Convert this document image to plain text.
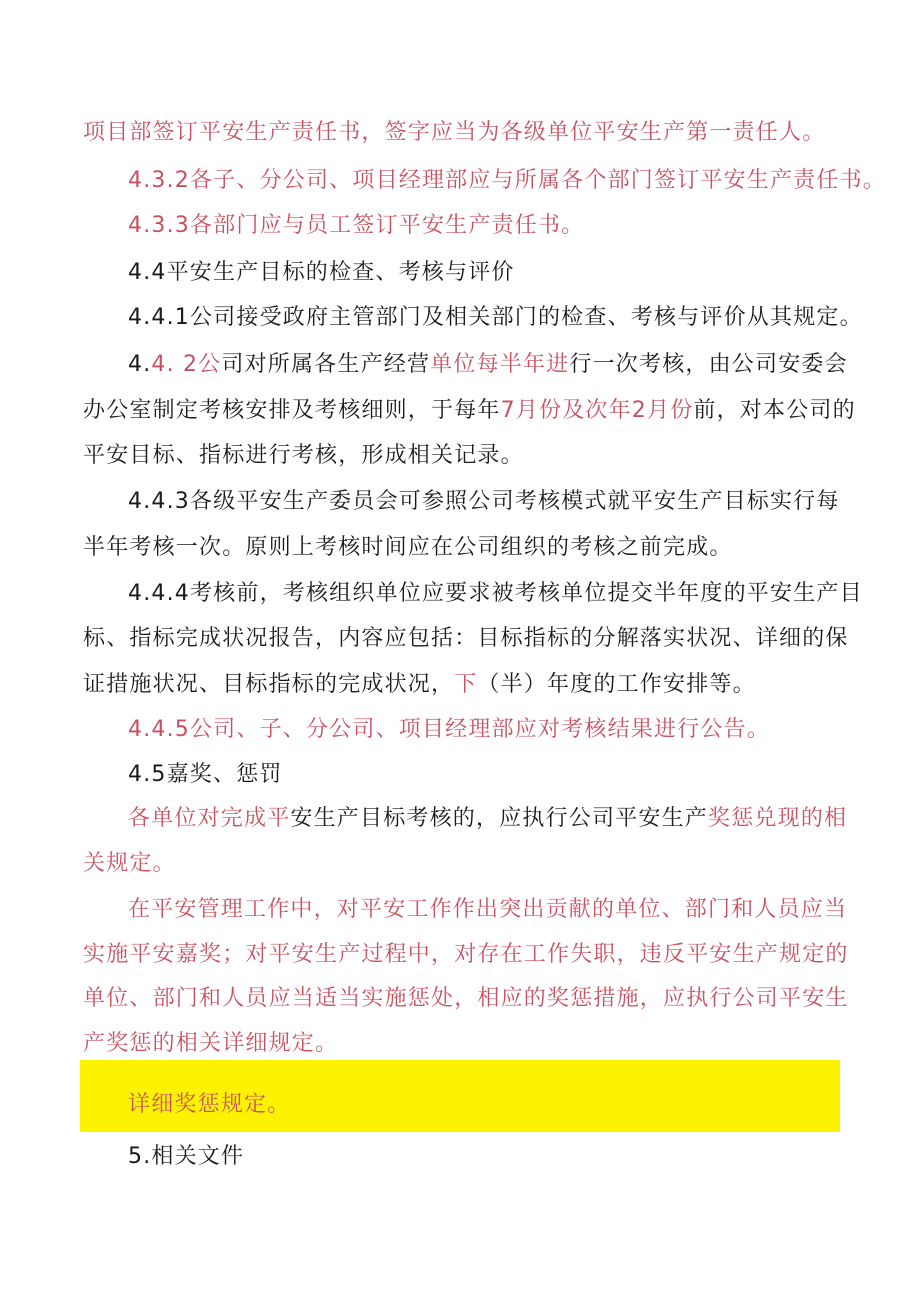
项目部签订平安生产责任书，签字应当为各级单位平安生产第一责任人。
4.3.2各子、分公司、项目经理部应与所属各个部门签订平安生产责任书。
4.3.3各部门应与员工签订平安生产责任书。
4.4平安生产目标的检查、考核与评价
4.4.1公司接受政府主管部门及相关部门的检查、考核与评价从其规定。
4.4. 2公司对所属各生产经营单位每半年进行一次考核，由公司安委会
办公室制定考核安排及考核细则，于每年7月份及次年2月份前，对本公司的
平安目标、指标进行考核，形成相关记录。
4.4.3各级平安生产委员会可参照公司考核模式就平安生产目标实行每
半年考核一次。原则上考核时间应在公司组织的考核之前完成。
4.4.4考核前，考核组织单位应要求被考核单位提交半年度的平安生产目
标、指标完成状况报告，内容应包括：目标指标的分解落实状况、详细的保
证措施状况、目标指标的完成状况，下（半）年度的工作安排等。
4.4.5公司、子、分公司、项目经理部应对考核结果进行公告。
4.5嘉奖、惩罚
各单位对完成平安生产目标考核的，应执行公司平安生产奖惩兑现的相
关规定。
在平安管理工作中，对平安工作作出突出贡献的单位、部门和人员应当
实施平安嘉奖；对平安生产过程中，对存在工作失职，违反平安生产规定的
单位、部门和人员应当适当实施惩处，相应的奖惩措施，应执行公司平安生
产奖惩的相关详细规定。
详细奖惩规定。
5.相关文件
